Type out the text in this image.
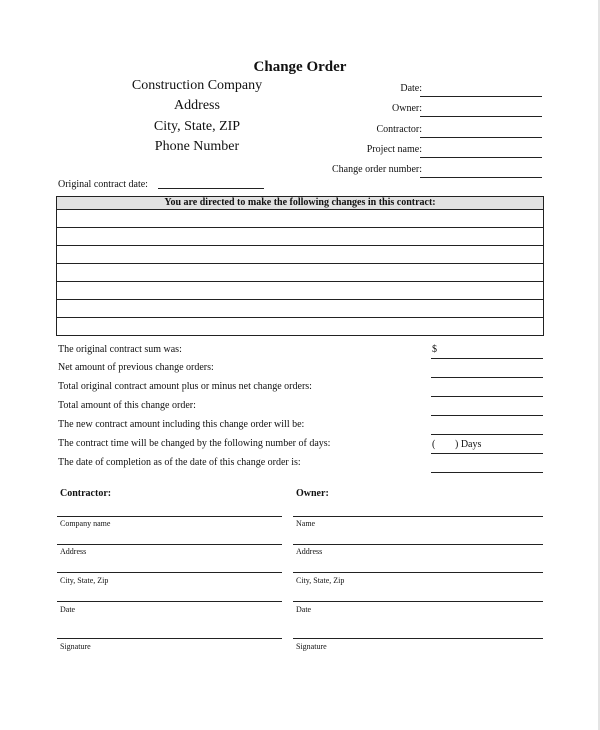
Change Order
Construction Company
Address
City, State, ZIP
Phone Number
Date:
Owner:
Contractor:
Project name:
Change order number:
Original contract date:
You are directed to make the following changes in this contract:

The original contract sum was:	$
Net amount of previous change orders:
Total original contract amount plus or minus net change orders:
Total amount of this change order:
The new contract amount including this change order will be:
The contract time will be changed by the following number of days:	( ) Days
The date of completion as of the date of this change order is:
Contractor:
Company name
Address
City, State, Zip
Date
Signature
Owner:
Name
Address
City, State, Zip
Date
Signature
